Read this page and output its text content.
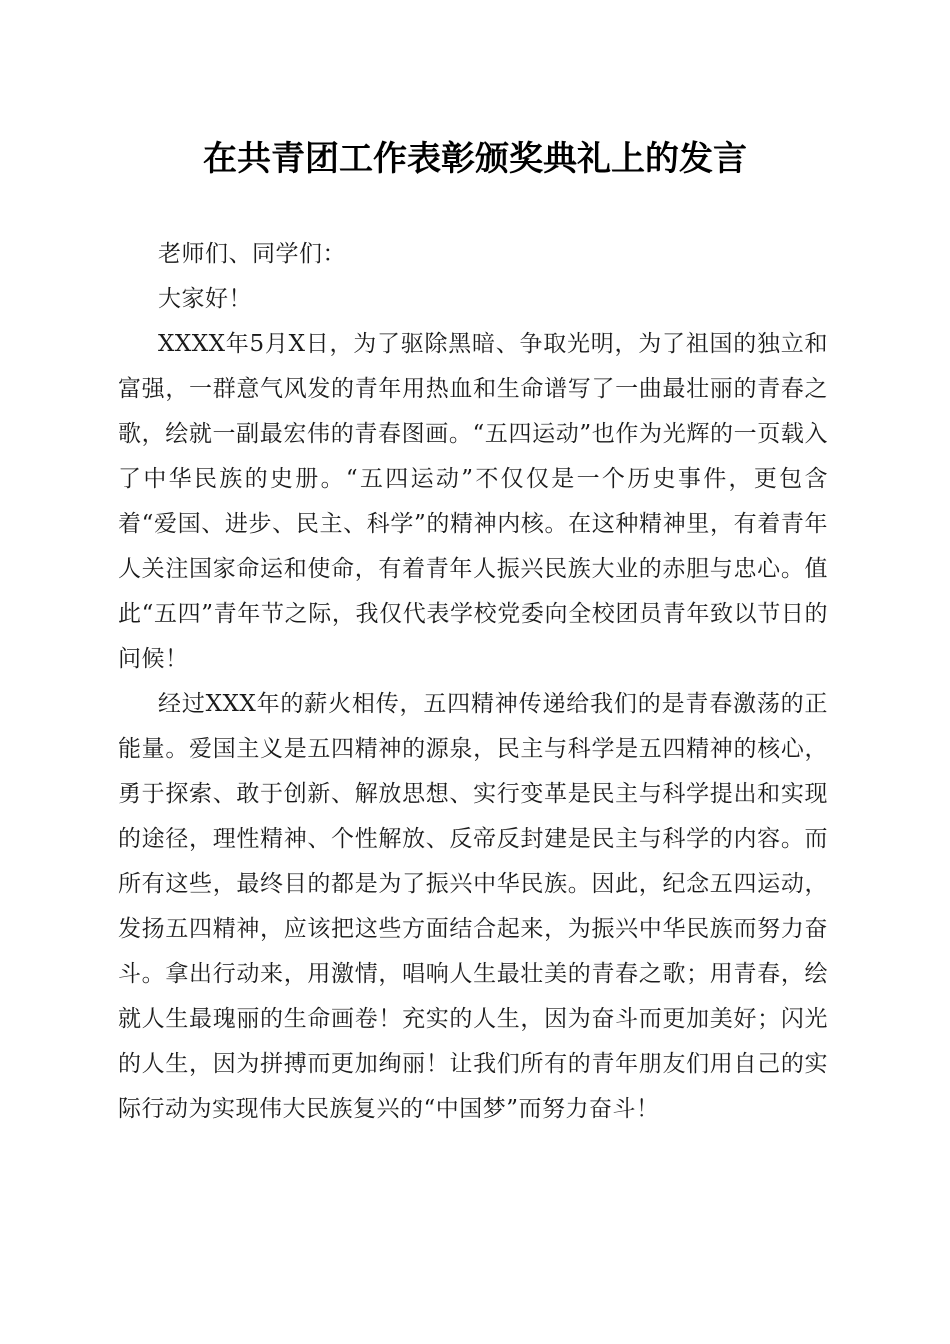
在共青团工作表彰颁奖典礼上的发言

老师们、同学们：

大家好！

XXXX年5月X日，为了驱除黑暗、争取光明，为了祖国的独立和富强，一群意气风发的青年用热血和生命谱写了一曲最壮丽的青春之歌，绘就一副最宏伟的青春图画。“五四运动”也作为光辉的一页载入了中华民族的史册。“五四运动”不仅仅是一个历史事件，更包含着“爱国、进步、民主、科学”的精神内核。在这种精神里，有着青年人关注国家命运和使命，有着青年人振兴民族大业的赤胆与忠心。值此“五四”青年节之际，我仅代表学校党委向全校团员青年致以节日的问候！

经过XXX年的薪火相传，五四精神传递给我们的是青春激荡的正能量。爱国主义是五四精神的源泉，民主与科学是五四精神的核心，勇于探索、敢于创新、解放思想、实行变革是民主与科学提出和实现的途径，理性精神、个性解放、反帝反封建是民主与科学的内容。而所有这些，最终目的都是为了振兴中华民族。因此，纪念五四运动，发扬五四精神，应该把这些方面结合起来，为振兴中华民族而努力奋斗。拿出行动来，用激情，唱响人生最壮美的青春之歌；用青春，绘就人生最瑰丽的生命画卷！充实的人生，因为奋斗而更加美好；闪光的人生，因为拼搏而更加绚丽！让我们所有的青年朋友们用自己的实际行动为实现伟大民族复兴的“中国梦”而努力奋斗！
